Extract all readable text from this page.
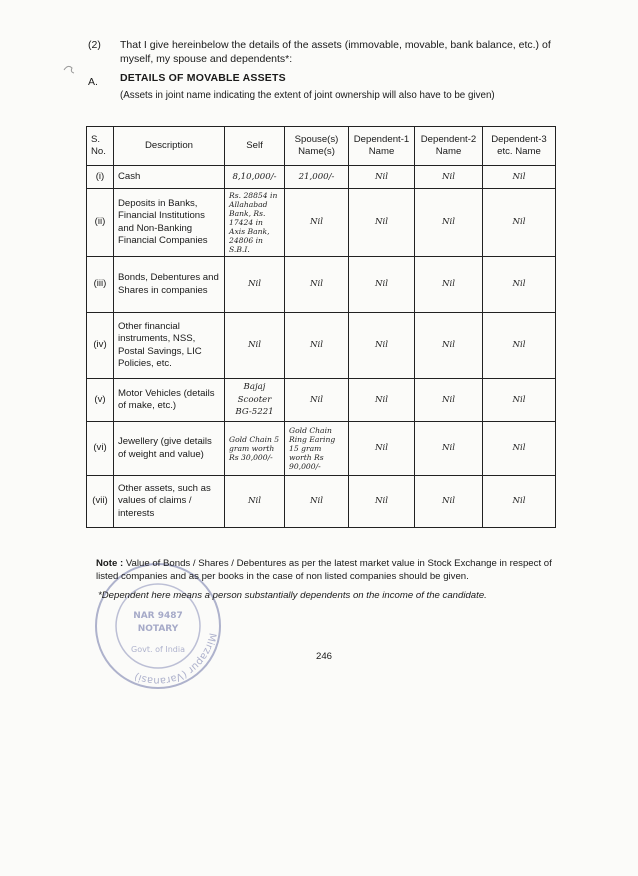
(2) That I give hereinbelow the details of the assets (immovable, movable, bank balance, etc.) of myself, my spouse and dependents*:
A. DETAILS OF MOVABLE ASSETS
(Assets in joint name indicating the extent of joint ownership will also have to be given)
S. No.	Description	Self	Spouse(s) Name(s)	Dependent-1 Name	Dependent-2 Name	Dependent-3 etc. Name
(i)	Cash	8,10,000/-	21,000/-	Nil	Nil	Nil
(ii)	Deposits in Banks, Financial Institutions and Non-Banking Financial Companies	Rs. 28854 in Allahabad Bank, Rs. 17424 in Axis Bank, 24806 in S.B.I.	Nil	Nil	Nil	Nil
(iii)	Bonds, Debentures and Shares in companies	Nil	Nil	Nil	Nil	Nil
(iv)	Other financial instruments, NSS, Postal Savings, LIC Policies, etc.	Nil	Nil	Nil	Nil	Nil
(v)	Motor Vehicles (details of make, etc.)	Bajaj Scooter BG-5221	Nil	Nil	Nil	Nil
(vi)	Jewellery (give details of weight and value)	Gold Chain 5 gram worth Rs 30,000/-	Gold Chain Ring Earing 15 gram worth Rs 90,000/-	Nil	Nil	Nil
(vii)	Other assets, such as values of claims / interests	Nil	Nil	Nil	Nil	Nil
Mirzapur (Varanasi)
NAR 9487
NOTARY
Govt. of India
Note : Value of Bonds / Shares / Debentures as per the latest market value in Stock Exchange in respect of listed companies and as per books in the case of non listed companies should be given.
*Dependent here means a person substantially dependents on the income of the candidate.
246
